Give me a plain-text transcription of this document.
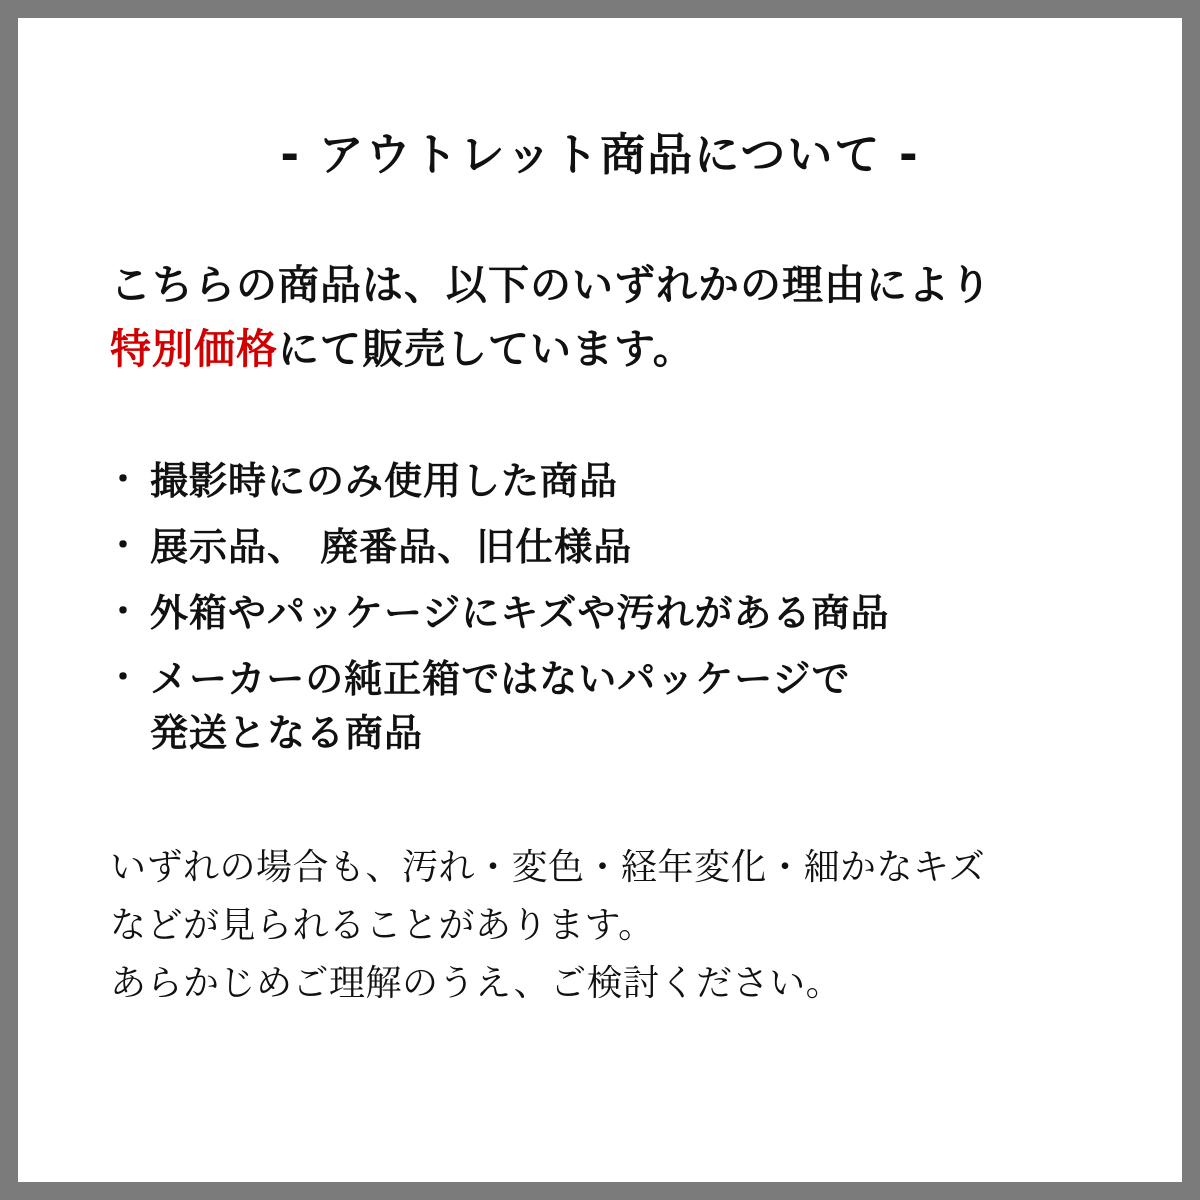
- アウトレット商品について -
こちらの商品は、以下のいずれかの理由により
特別価格にて販売しています。
・ 撮影時にのみ使用した商品
・ 展示品、 廃番品、旧仕様品
・ 外箱やパッケージにキズや汚れがある商品
・ メーカーの純正箱ではないパッケージで
発送となる商品
いずれの場合も、汚れ・変色・経年変化・細かなキズ
などが見られることがあります。
あらかじめご理解のうえ、ご検討ください。
